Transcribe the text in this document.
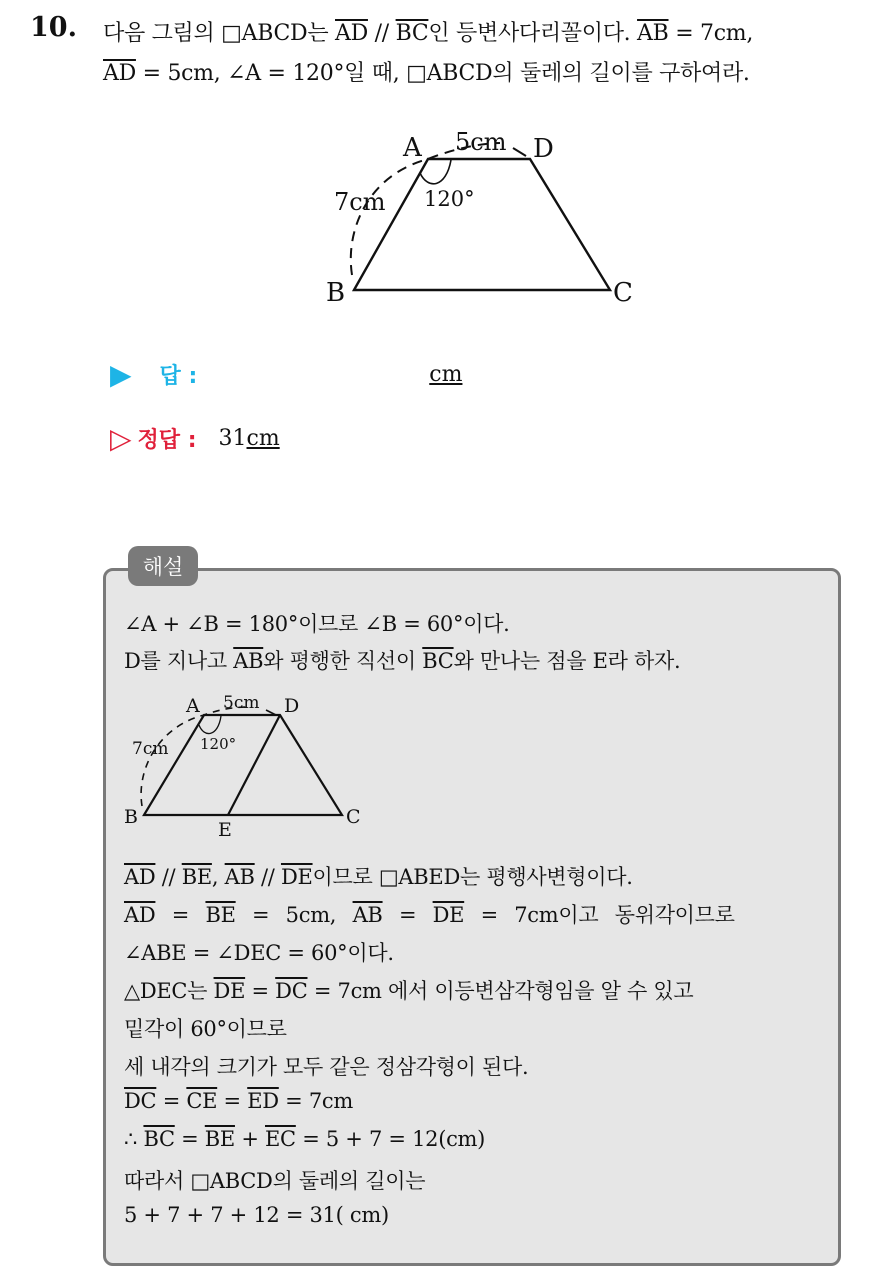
10. 다음 그림의 □ABCD는 $\overline{AD} // \overline{BC}$인 등변사다리꼴이다. $\overline{AB} = 7cm$,
$\overline{AD} = 5cm$, ∠A = 120°일 때, □ABCD의 둘레의 길이를 구하여라.
A	D
B	C
5cm
7cm 120°
▶ 답 :	cm
▷ 정답 : 31 cm
해설
∠A + ∠B = 180°이므로 ∠B = 60°이다.
D를 지나고 $\overline{AB}$와 평행한 직선이 $\overline{BC}$와 만나는 점을 E라 하자.
A	D
B	C
E
5cm
7cm 120°
$\overline{AD} // \overline{BE}$, $\overline{AB} // \overline{DE}$이므로 □ABED는 평행사변형이다.
$\overline{AD} = \overline{BE} = 5cm$, $\overline{AB} = \overline{DE} = 7cm$이고 동위각이므로
∠ABE = ∠DEC = 60°이다.
△DEC는 $\overline{DE} = \overline{DC} = 7cm$ 에서 이등변삼각형임을 알 수 있고
밑각이 60°이므로
세 내각의 크기가 모두 같은 정삼각형이 된다.
$\overline{DC} = \overline{CE} = \overline{ED} = 7cm$
∴ $\overline{BC} = \overline{BE} + \overline{EC} = 5 + 7 = 12(cm)$
따라서 □ABCD의 둘레의 길이는
5 + 7 + 7 + 12 = 31( cm)
